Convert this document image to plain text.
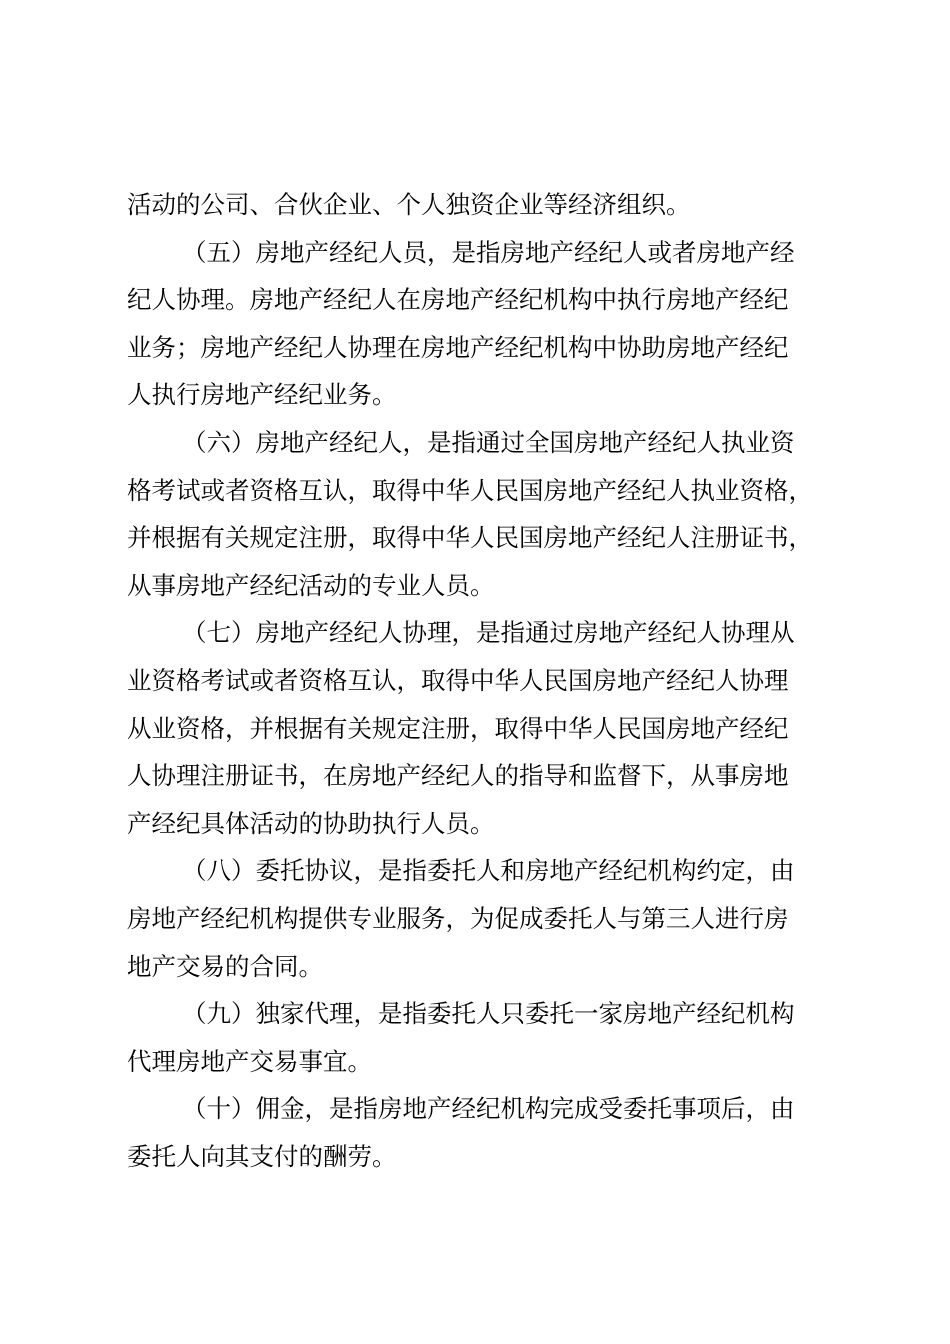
活动的公司、合伙企业、个人独资企业等经济组织。
（五）房地产经纪人员，是指房地产经纪人或者房地产经
纪人协理。房地产经纪人在房地产经纪机构中执行房地产经纪
业务；房地产经纪人协理在房地产经纪机构中协助房地产经纪
人执行房地产经纪业务。
（六）房地产经纪人，是指通过全国房地产经纪人执业资
格考试或者资格互认，取得中华人民国房地产经纪人执业资格，
并根据有关规定注册，取得中华人民国房地产经纪人注册证书，
从事房地产经纪活动的专业人员。
（七）房地产经纪人协理，是指通过房地产经纪人协理从
业资格考试或者资格互认，取得中华人民国房地产经纪人协理
从业资格，并根据有关规定注册，取得中华人民国房地产经纪
人协理注册证书，在房地产经纪人的指导和监督下，从事房地
产经纪具体活动的协助执行人员。
（八）委托协议，是指委托人和房地产经纪机构约定，由
房地产经纪机构提供专业服务，为促成委托人与第三人进行房
地产交易的合同。
（九）独家代理，是指委托人只委托一家房地产经纪机构
代理房地产交易事宜。
（十）佣金，是指房地产经纪机构完成受委托事项后，由
委托人向其支付的酬劳。
